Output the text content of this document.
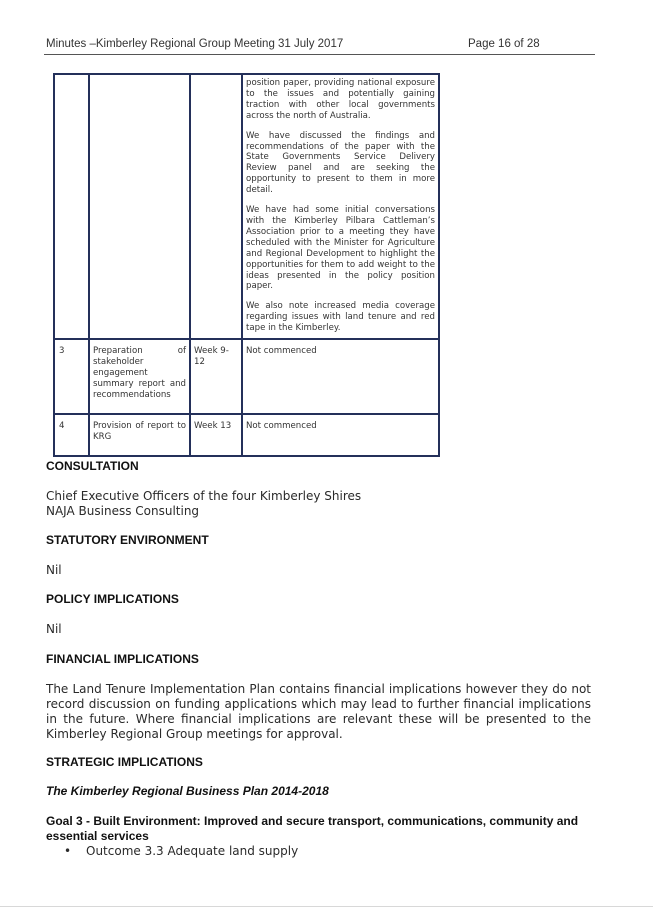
Minutes –Kimberley Regional Group Meeting 31 July 2017	Page 16 of 28

			position paper, providing national exposure to the issues and potentially gaining traction with other local governments across the north of Australia.

We have discussed the findings and recommendations of the paper with the State Governments Service Delivery Review panel and are seeking the opportunity to present to them in more detail.

We have had some initial conversations with the Kimberley Pilbara Cattleman’s Association prior to a meeting they have scheduled with the Minister for Agriculture and Regional Development to highlight the opportunities for them to add weight to the ideas presented in the policy position paper.

We also note increased media coverage regarding issues with land tenure and red tape in the Kimberley.

3	Preparation of stakeholder engagement summary report and recommendations	Week 9-12	Not commenced
4	Provision of report to KRG	Week 13	Not commenced
CONSULTATION
Chief Executive Officers of the four Kimberley Shires
NAJA Business Consulting
STATUTORY ENVIRONMENT
Nil
POLICY IMPLICATIONS
Nil
FINANCIAL IMPLICATIONS
The Land Tenure Implementation Plan contains financial implications however they do not record discussion on funding applications which may lead to further financial implications in the future. Where financial implications are relevant these will be presented to the Kimberley Regional Group meetings for approval.
STRATEGIC IMPLICATIONS
The Kimberley Regional Business Plan 2014-2018
Goal 3 - Built Environment: Improved and secure transport, communications, community and essential services
• Outcome 3.3 Adequate land supply
